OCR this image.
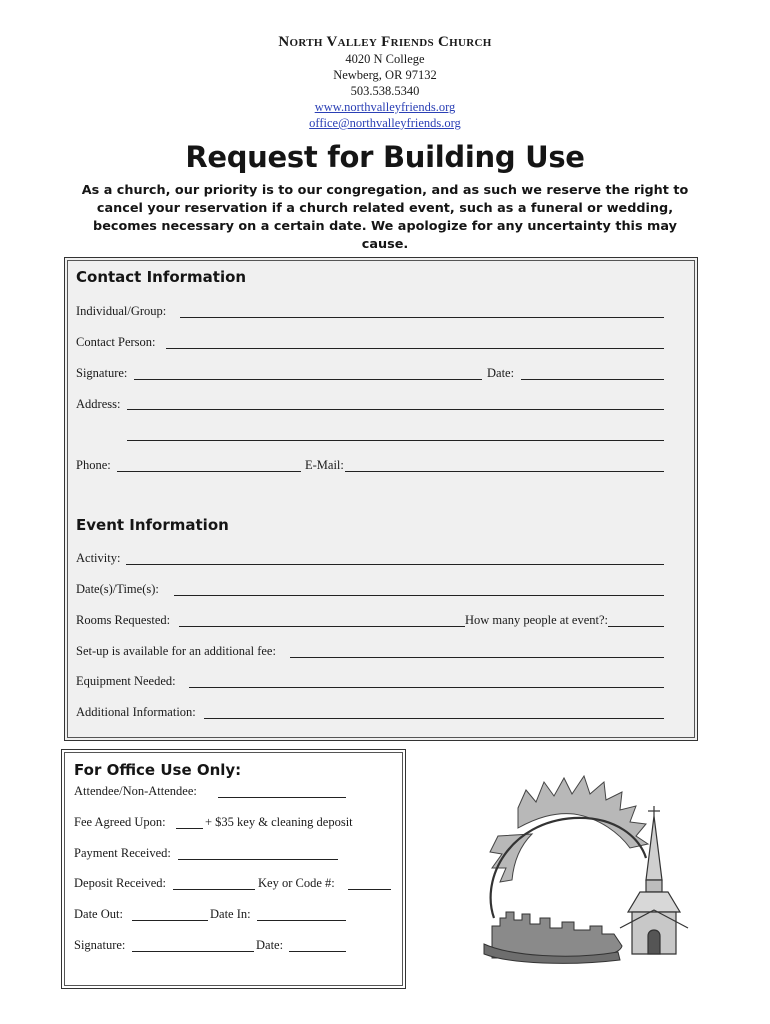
North Valley Friends Church
4020 N College
Newberg, OR 97132
503.538.5340
www.northvalleyfriends.org
office@northvalleyfriends.org
Request for Building Use
As a church, our priority is to our congregation, and as such we reserve the right to cancel your reservation if a church related event, such as a funeral or wedding, becomes necessary on a certain date. We apologize for any uncertainty this may cause.
Contact Information
Individual/Group:
Contact Person:
Signature:	Date:
Address:
Phone:	E-Mail:
Event Information
Activity:
Date(s)/Time(s):
Rooms Requested:	How many people at event?:
Set-up is available for an additional fee:
Equipment Needed:
Additional Information:
For Office Use Only:
Attendee/Non-Attendee:
Fee Agreed Upon:	+ $35 key & cleaning deposit
Payment Received:
Deposit Received:	Key or Code #:
Date Out:	Date In:
Signature:	Date:
